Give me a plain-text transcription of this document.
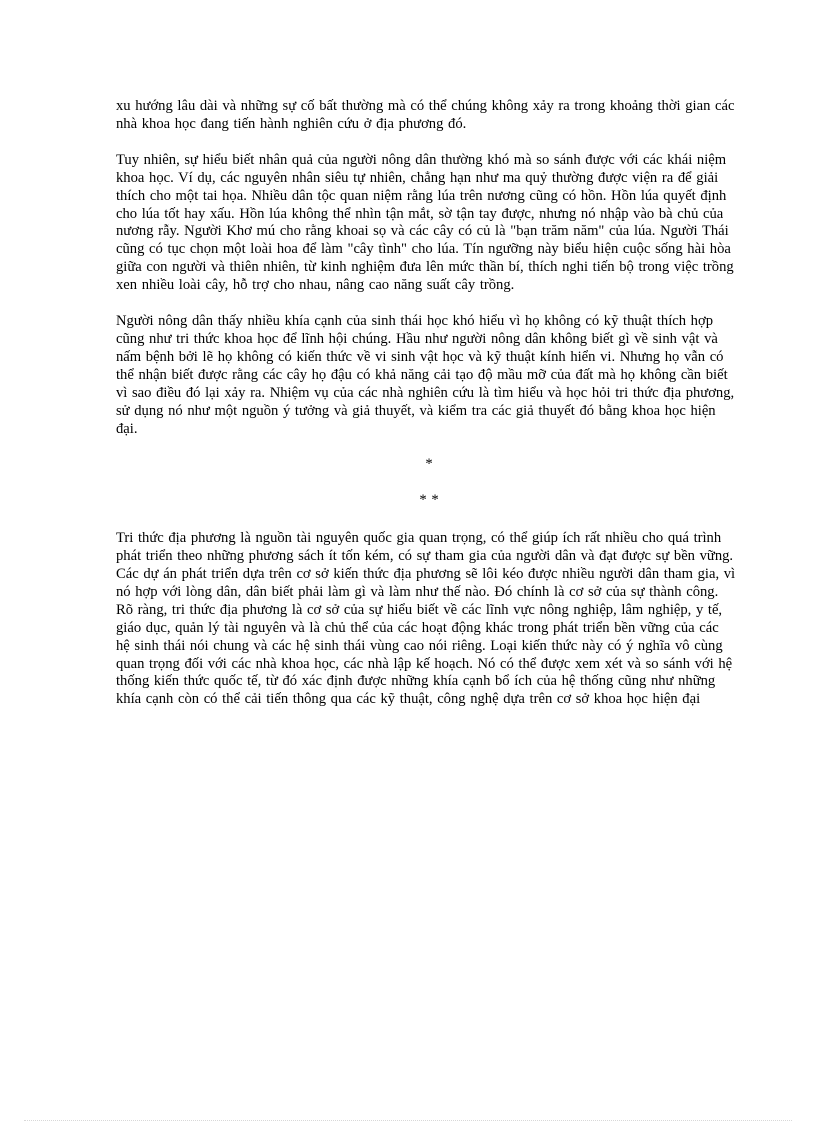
xu hướng lâu dài và những sự cố bất thường mà có thể chúng không xảy ra trong khoảng thời gian các nhà khoa học đang tiến hành nghiên cứu ở địa phương đó.

Tuy nhiên, sự hiểu biết nhân quả của người nông dân thường khó mà so sánh được với các khái niệm khoa học. Ví dụ, các nguyên nhân siêu tự nhiên, chẳng hạn như ma quỷ thường được viện ra để giải thích cho một tai họa. Nhiều dân tộc quan niệm rằng lúa trên nương cũng có hồn. Hồn lúa quyết định cho lúa tốt hay xấu. Hồn lúa không thể nhìn tận mắt, sờ tận tay được, nhưng nó nhập vào bà chủ của nương rẫy. Người Khơ mú cho rằng khoai sọ và các cây có củ là "bạn trăm năm" của lúa. Người Thái cũng có tục chọn một loài hoa để làm "cây tình" cho lúa. Tín ngưỡng này biểu hiện cuộc sống hài hòa giữa con người và thiên nhiên, từ kinh nghiệm đưa lên mức thần bí, thích nghi tiến bộ trong việc trồng xen nhiều loài cây, hỗ trợ cho nhau, nâng cao năng suất cây trồng.

Người nông dân thấy nhiều khía cạnh của sinh thái học khó hiểu vì họ không có kỹ thuật thích hợp cũng như tri thức khoa học để lĩnh hội chúng. Hầu như người nông dân không biết gì về sinh vật và nấm bệnh bởi lẽ họ không có kiến thức về vi sinh vật học và kỹ thuật kính hiển vi. Nhưng họ vẫn có thể nhận biết được rằng các cây họ đậu có khả năng cải tạo độ mầu mỡ của đất mà họ không cần biết vì sao điều đó lại xảy ra. Nhiệm vụ của các nhà nghiên cứu là tìm hiểu và học hỏi tri thức địa phương, sử dụng nó như một nguồn ý tưởng và giả thuyết, và kiểm tra các giả thuyết đó bằng khoa học hiện đại.

*

* *

Tri thức địa phương là nguồn tài nguyên quốc gia quan trọng, có thể giúp ích rất nhiều cho quá trình phát triển theo những phương sách ít tốn kém, có sự tham gia của người dân và đạt được sự bền vững. Các dự án phát triển dựa trên cơ sở kiến thức địa phương sẽ lôi kéo được nhiều người dân tham gia, vì nó hợp với lòng dân, dân biết phải làm gì và làm như thế nào. Đó chính là cơ sở của sự thành công. Rõ ràng, tri thức địa phương là cơ sở của sự hiểu biết về các lĩnh vực nông nghiệp, lâm nghiệp, y tế, giáo dục, quản lý tài nguyên và là chủ thể của các hoạt động khác trong phát triển bền vững của các hệ sinh thái nói chung và các hệ sinh thái vùng cao nói riêng. Loại kiến thức này có ý nghĩa vô cùng quan trọng đối với các nhà khoa học, các nhà lập kế hoạch. Nó có thể được xem xét và so sánh với hệ thống kiến thức quốc tế, từ đó xác định được những khía cạnh bổ ích của hệ thống cũng như những khía cạnh còn có thể cải tiến thông qua các kỹ thuật, công nghệ dựa trên cơ sở khoa học hiện đại
